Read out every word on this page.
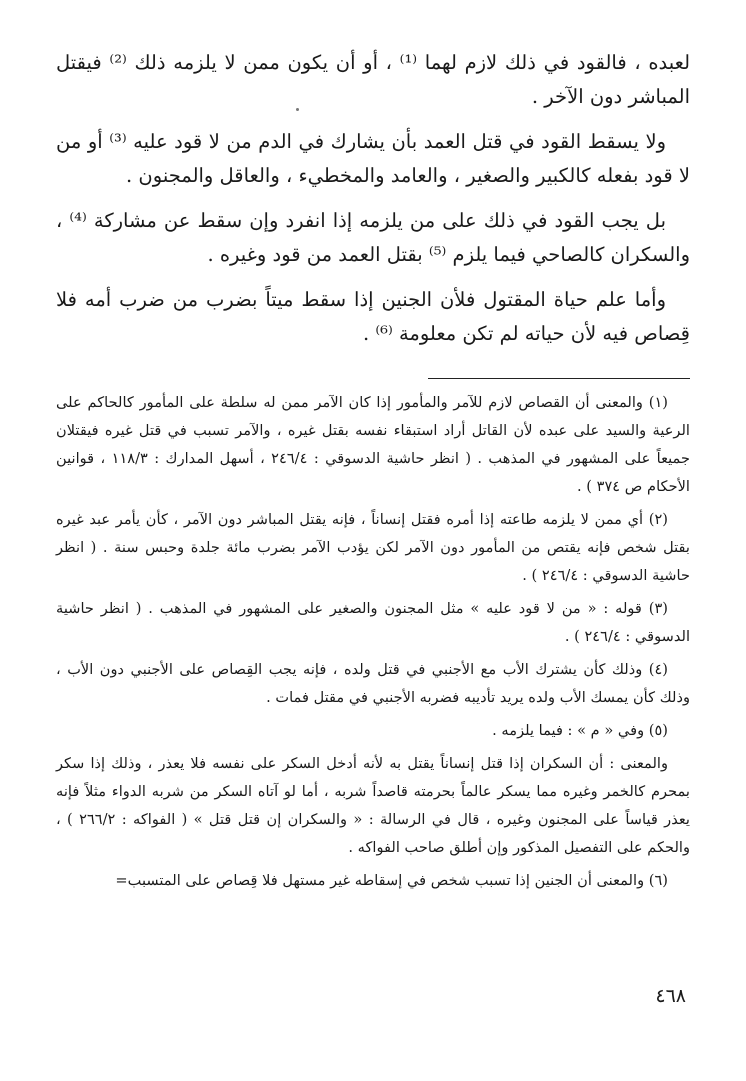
لعبده ، فالقود في ذلك لازم لهما ⁽¹⁾ ، أو أن يكون ممن لا يلزمه ذلك ⁽²⁾ فيقتل المباشر دون الآخر .

ولا يسقط القود في قتل العمد بأن يشارك في الدم من لا قود عليه ⁽³⁾ أو من لا قود بفعله كالكبير والصغير ، والعامد والمخطيء ، والعاقل والمجنون .

بل يجب القود في ذلك على من يلزمه إذا انفرد وإن سقط عن مشاركة ⁽⁴⁾ ، والسكران كالصاحي فيما يلزم ⁽⁵⁾ بقتل العمد من قود وغيره .

وأما علم حياة المقتول فلأن الجنين إذا سقط ميتاً بضرب من ضرب أمه فلا قِصاص فيه لأن حياته لم تكن معلومة ⁽⁶⁾ .

(١) والمعنى أن القصاص لازم للآمر والمأمور إذا كان الآمر ممن له سلطة على المأمور كالحاكم على الرعية والسيد على عبده لأن القاتل أراد استبقاء نفسه بقتل غيره ، والآمر تسبب في قتل غيره فيقتلان جميعاً على المشهور في المذهب . ( انظر حاشية الدسوقي : ٢٤٦/٤ ، أسهل المدارك : ١١٨/٣ ، قوانين الأحكام ص ٣٧٤ ) .

(٢) أي ممن لا يلزمه طاعته إذا أمره فقتل إنساناً ، فإنه يقتل المباشر دون الآمر ، كأن يأمر عبد غيره بقتل شخص فإنه يقتص من المأمور دون الآمر لكن يؤدب الآمر بضرب مائة جلدة وحبس سنة . ( انظر حاشية الدسوقي : ٢٤٦/٤ ) .

(٣) قوله : « من لا قود عليه » مثل المجنون والصغير على المشهور في المذهب . ( انظر حاشية الدسوقي : ٢٤٦/٤ ) .

(٤) وذلك كأن يشترك الأب مع الأجنبي في قتل ولده ، فإنه يجب القِصاص على الأجنبي دون الأب ، وذلك كأن يمسك الأب ولده يريد تأديبه فضربه الأجنبي في مقتل فمات .

(٥) وفي « م » : فيما يلزمه .

والمعنى : أن السكران إذا قتل إنساناً يقتل به لأنه أدخل السكر على نفسه فلا يعذر ، وذلك إذا سكر بمحرم كالخمر وغيره مما يسكر عالماً بحرمته قاصداً شربه ، أما لو آتاه السكر من شربه الدواء مثلاً فإنه يعذر قياساً على المجنون وغيره ، قال في الرسالة : « والسكران إن قتل قتل » ( الفواكه : ٢٦٦/٢ ) ، والحكم على التفصيل المذكور وإن أطلق صاحب الفواكه .

(٦) والمعنى أن الجنين إذا تسبب شخص في إسقاطه غير مستهل فلا قِصاص على المتسبب=

٤٦٨
